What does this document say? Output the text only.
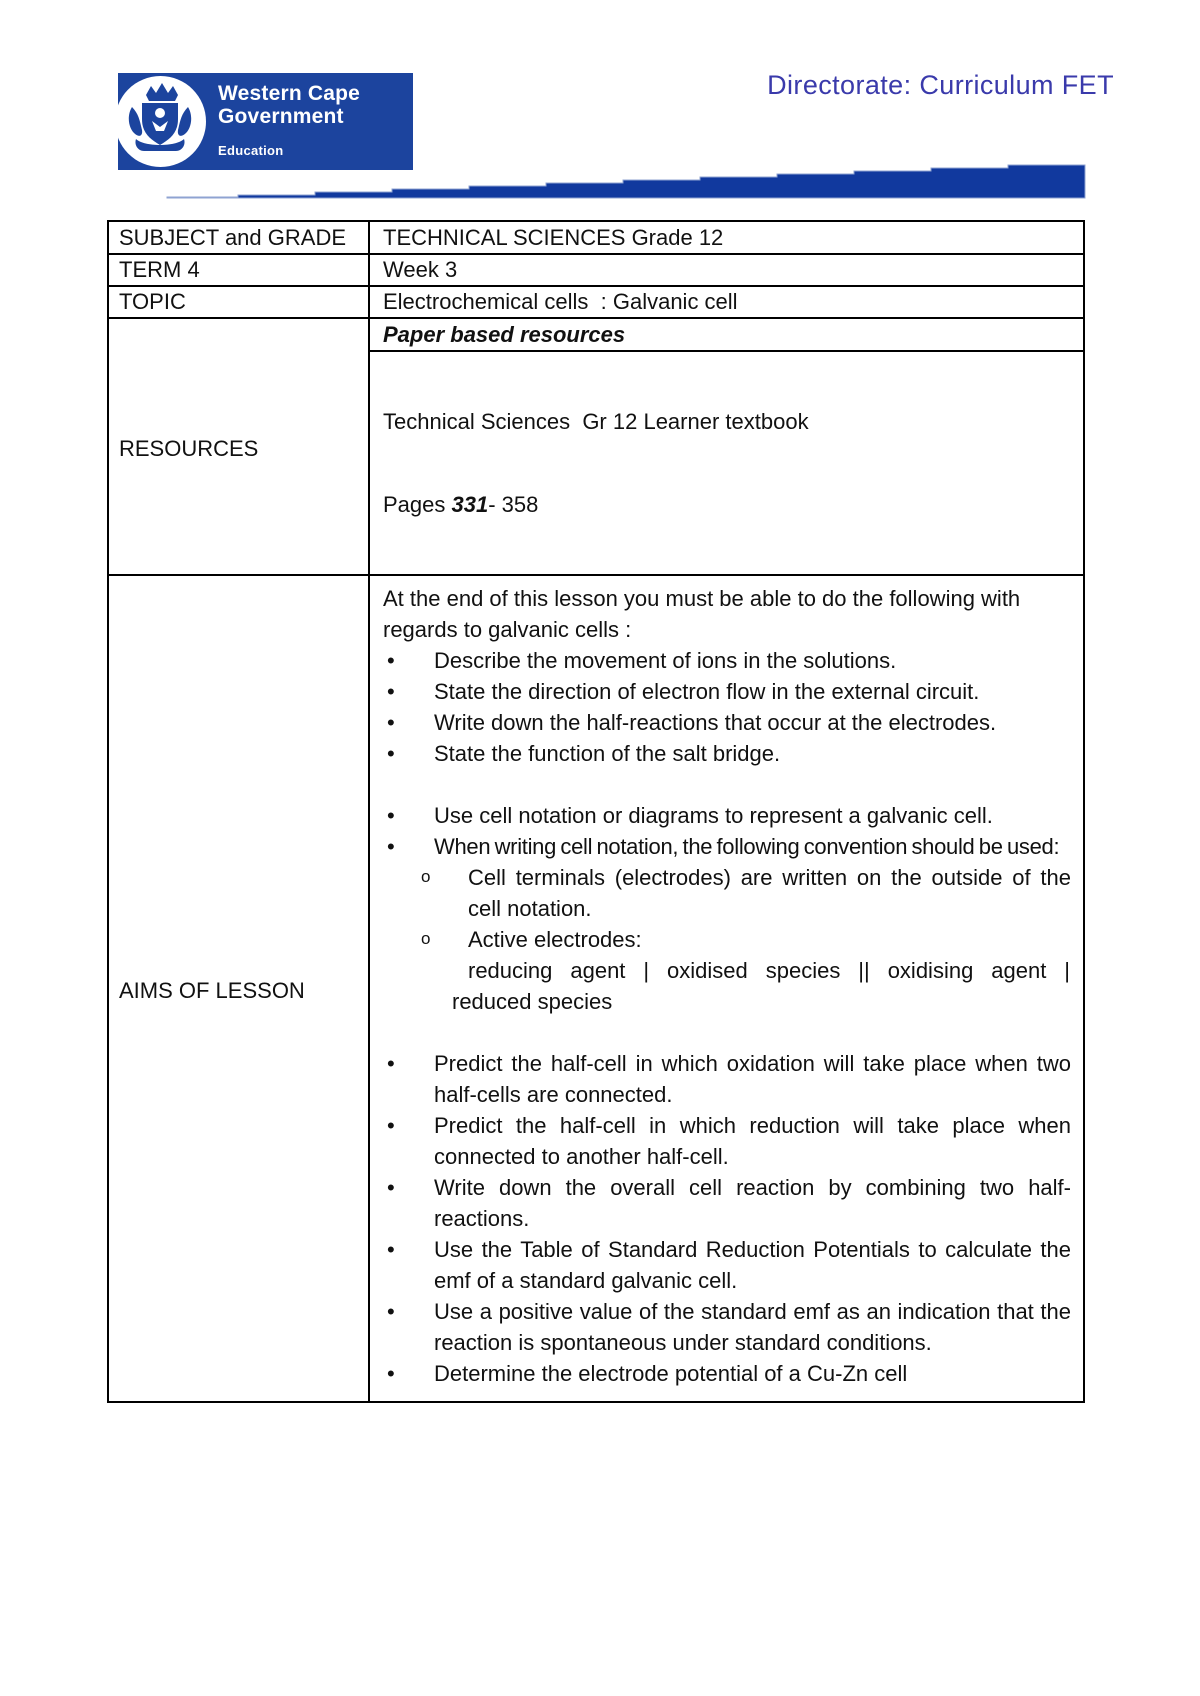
Western Cape
Government
Education
Directorate: Curriculum FET
SUBJECT and GRADE	TECHNICAL SCIENCES Grade 12
TERM 4	Week 3
TOPIC	Electrochemical cells  : Galvanic cell
RESOURCES	Paper based resources

	Technical Sciences  Gr 12 Learner textbook

Pages 331- 358

AIMS OF LESSON	
At the end of this lesson you must be able to do the following with regards to galvanic cells :
• Describe the movement of ions in the solutions.
• State the direction of electron flow in the external circuit.
• Write down the half-reactions that occur at the electrodes.
• State the function of the salt bridge.
• Use cell notation or diagrams to represent a galvanic cell.
• When writing cell notation, the following convention should be used:
o Cell terminals (electrodes) are written on the outside of the cell notation.
o Active electrodes:
reducing agent | oxidised species || oxidising agent |
reduced species
• Predict the half-cell in which oxidation will take place when two half-cells are connected.
• Predict the half-cell in which reduction will take place when connected to another half-cell.
• Write down the overall cell reaction by combining two half-reactions.
• Use the Table of Standard Reduction Potentials to calculate the emf of a standard galvanic cell.
• Use a positive value of the standard emf as an indication that the reaction is spontaneous under standard conditions.
• Determine the electrode potential of a Cu-Zn cell
